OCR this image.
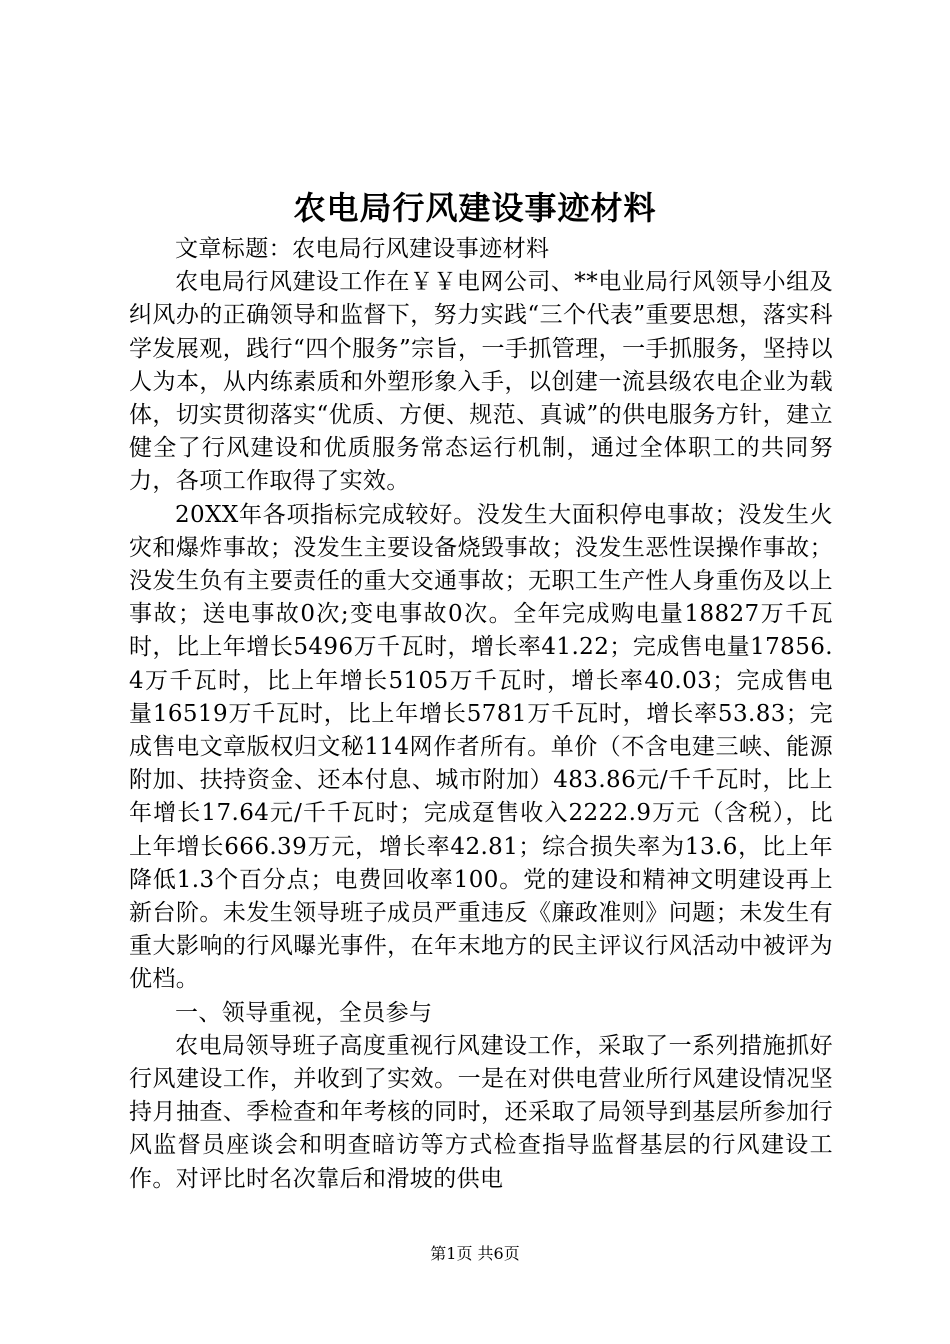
农电局行风建设事迹材料

文章标题：农电局行风建设事迹材料

农电局行风建设工作在￥￥电网公司、**电业局行风领导小组及纠风办的正确领导和监督下，努力实践“三个代表”重要思想，落实科学发展观，践行“四个服务”宗旨，一手抓管理，一手抓服务，坚持以人为本，从内练素质和外塑形象入手，以创建一流县级农电企业为载体，切实贯彻落实“优质、方便、规范、真诚”的供电服务方针，建立健全了行风建设和优质服务常态运行机制，通过全体职工的共同努力，各项工作取得了实效。

20XX年各项指标完成较好。没发生大面积停电事故；没发生火灾和爆炸事故；没发生主要设备烧毁事故；没发生恶性误操作事故；没发生负有主要责任的重大交通事故；无职工生产性人身重伤及以上事故；送电事故0次;变电事故0次。全年完成购电量18827万千瓦时，比上年增长5496万千瓦时，增长率41.22；完成售电量17856.4万千瓦时，比上年增长5105万千瓦时，增长率40.03；完成售电量16519万千瓦时，比上年增长5781万千瓦时，增长率53.83；完成售电文章版权归文秘114网作者所有。单价（不含电建三峡、能源附加、扶持资金、还本付息、城市附加）483.86元/千千瓦时，比上年增长17.64元/千千瓦时；完成趸售收入2222.9万元（含税），比上年增长666.39万元，增长率42.81；综合损失率为13.6，比上年降低1.3个百分点；电费回收率100。党的建设和精神文明建设再上新台阶。未发生领导班子成员严重违反《廉政准则》问题；未发生有重大影响的行风曝光事件，在年末地方的民主评议行风活动中被评为优档。

一、领导重视，全员参与

农电局领导班子高度重视行风建设工作，采取了一系列措施抓好行风建设工作，并收到了实效。一是在对供电营业所行风建设情况坚持月抽查、季检查和年考核的同时，还采取了局领导到基层所参加行风监督员座谈会和明查暗访等方式检查指导监督基层的行风建设工作。对评比时名次靠后和滑坡的供电

第1页 共6页
